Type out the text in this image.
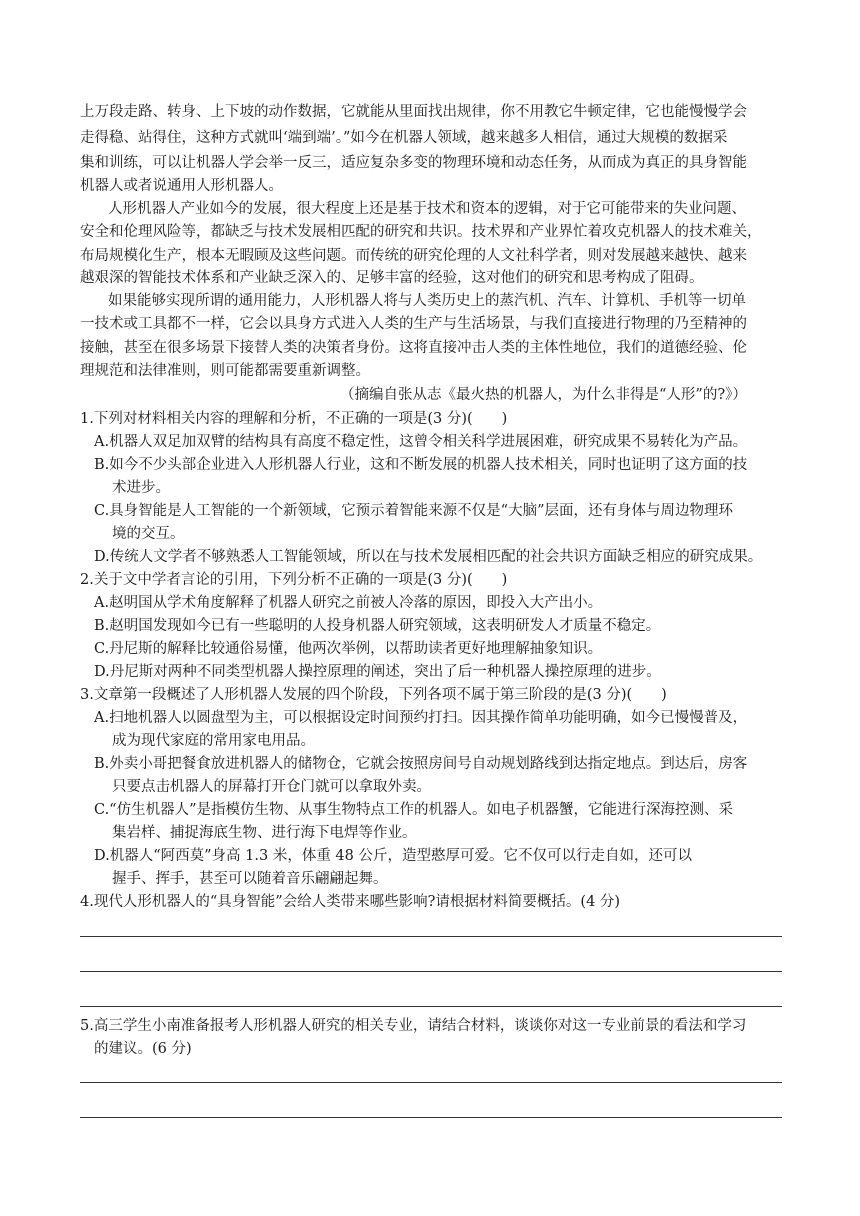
上万段走路、转身、上下坡的动作数据，它就能从里面找出规律，你不用教它牛顿定律，它也能慢慢学会
走得稳、站得住，这种方式就叫‘端到端’。”如今在机器人领域，越来越多人相信，通过大规模的数据采
集和训练，可以让机器人学会举一反三，适应复杂多变的物理环境和动态任务，从而成为真正的具身智能
机器人或者说通用人形机器人。
人形机器人产业如今的发展，很大程度上还是基于技术和资本的逻辑，对于它可能带来的失业问题、
安全和伦理风险等，都缺乏与技术发展相匹配的研究和共识。技术界和产业界忙着攻克机器人的技术难关，
布局规模化生产，根本无暇顾及这些问题。而传统的研究伦理的人文社科学者，则对发展越来越快、越来
越艰深的智能技术体系和产业缺乏深入的、足够丰富的经验，这对他们的研究和思考构成了阻碍。
如果能够实现所谓的通用能力，人形机器人将与人类历史上的蒸汽机、汽车、计算机、手机等一切单
一技术或工具都不一样，它会以具身方式进入人类的生产与生活场景，与我们直接进行物理的乃至精神的
接触，甚至在很多场景下接替人类的决策者身份。这将直接冲击人类的主体性地位，我们的道德经验、伦
理规范和法律准则，则可能都需要重新调整。
（摘编自张从志《最火热的机器人，为什么非得是“人形”的?》）
1.下列对材料相关内容的理解和分析，不正确的一项是(3 分)(　　)
A.机器人双足加双臂的结构具有高度不稳定性，这曾令相关科学进展困难，研究成果不易转化为产品。
B.如今不少头部企业进入人形机器人行业，这和不断发展的机器人技术相关，同时也证明了这方面的技
术进步。
C.具身智能是人工智能的一个新领域，它预示着智能来源不仅是“大脑”层面，还有身体与周边物理环
境的交互。
D.传统人文学者不够熟悉人工智能领域，所以在与技术发展相匹配的社会共识方面缺乏相应的研究成果。
2.关于文中学者言论的引用，下列分析不正确的一项是(3 分)(　　)
A.赵明国从学术角度解释了机器人研究之前被人冷落的原因，即投入大产出小。
B.赵明国发现如今已有一些聪明的人投身机器人研究领域，这表明研发人才质量不稳定。
C.丹尼斯的解释比较通俗易懂，他两次举例，以帮助读者更好地理解抽象知识。
D.丹尼斯对两种不同类型机器人操控原理的阐述，突出了后一种机器人操控原理的进步。
3.文章第一段概述了人形机器人发展的四个阶段，下列各项不属于第三阶段的是(3 分)(　　)
A.扫地机器人以圆盘型为主，可以根据设定时间预约打扫。因其操作简单功能明确，如今已慢慢普及，
成为现代家庭的常用家电用品。
B.外卖小哥把餐食放进机器人的储物仓，它就会按照房间号自动规划路线到达指定地点。到达后，房客
只要点击机器人的屏幕打开仓门就可以拿取外卖。
C.“仿生机器人”是指模仿生物、从事生物特点工作的机器人。如电子机器蟹，它能进行深海控测、采
集岩样、捕捉海底生物、进行海下电焊等作业。
D.机器人“阿西莫”身高 1.3 米，体重 48 公斤，造型憨厚可爱。它不仅可以行走自如，还可以
握手、挥手，甚至可以随着音乐翩翩起舞。
4.现代人形机器人的“具身智能”会给人类带来哪些影响?请根据材料简要概括。(4 分)
5.高三学生小南准备报考人形机器人研究的相关专业，请结合材料，谈谈你对这一专业前景的看法和学习
的建议。(6 分)
